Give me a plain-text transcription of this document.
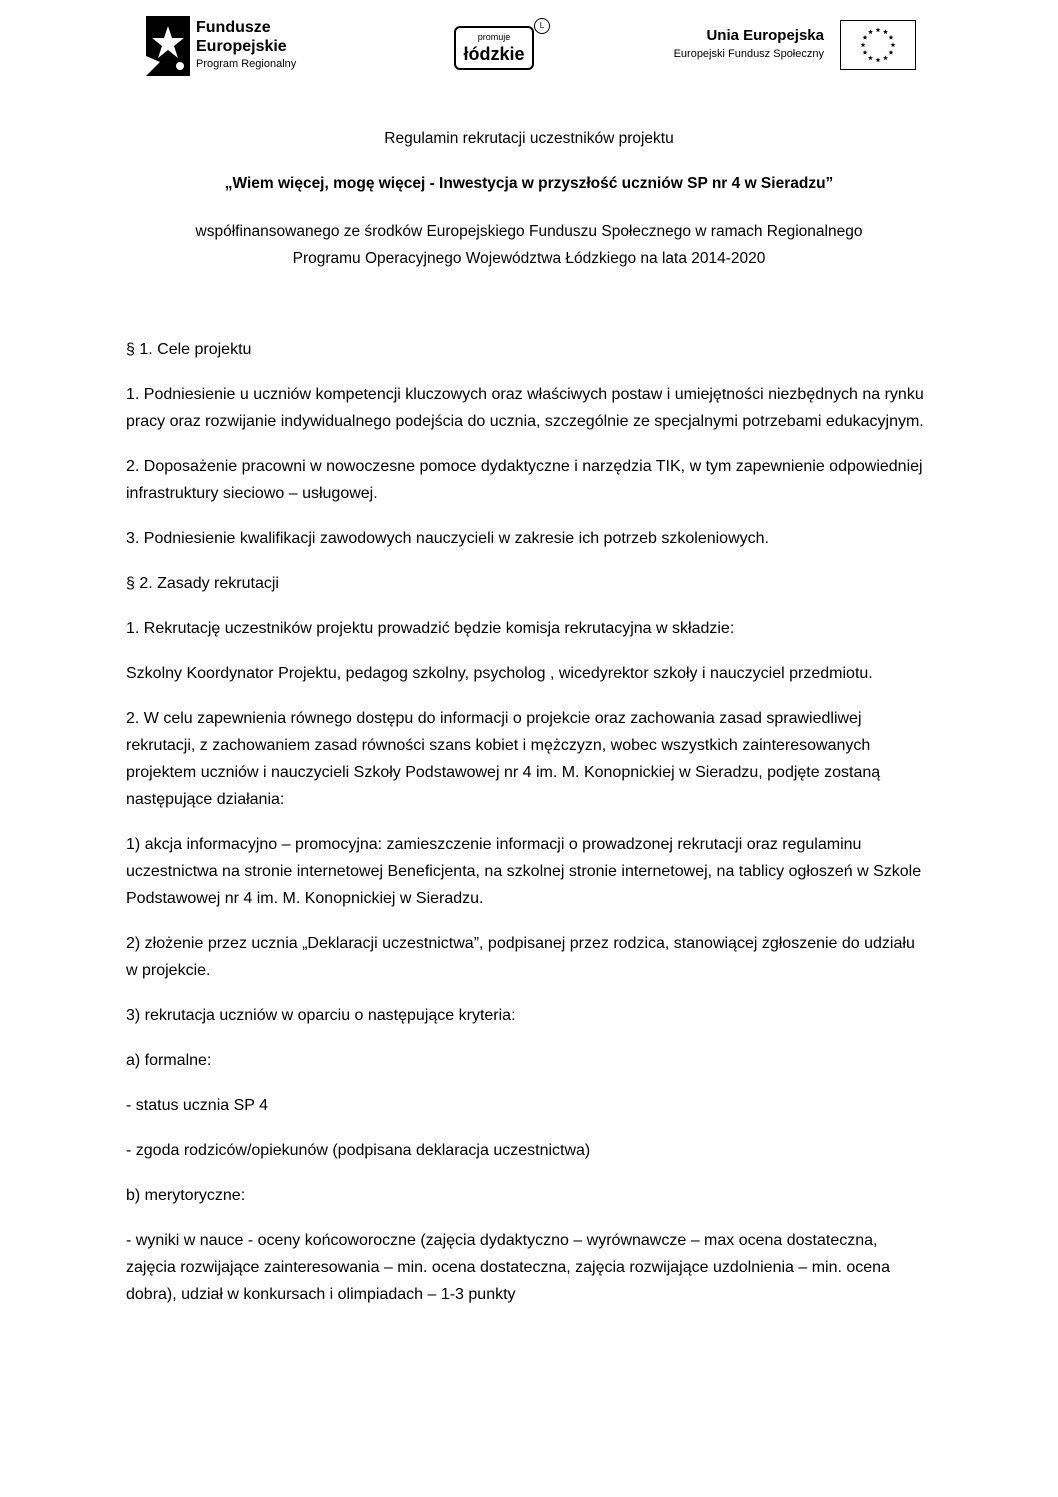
Fundusze
Europejskie
Program Regionalny
promuje
łódzkie
L
Unia Europejska
Europejski Fundusz Społeczny
Regulamin rekrutacji uczestników projektu
„Wiem więcej, mogę więcej - Inwestycja w przyszłość uczniów SP nr 4 w Sieradzu”
współfinansowanego ze środków Europejskiego Funduszu Społecznego w ramach Regionalnego
Programu Operacyjnego Województwa Łódzkiego na lata 2014-2020

§ 1. Cele projektu

1. Podniesienie u uczniów kompetencji kluczowych oraz właściwych postaw i umiejętności niezbędnych na rynku pracy oraz rozwijanie indywidualnego podejścia do ucznia, szczególnie ze specjalnymi potrzebami edukacyjnym.

2. Doposażenie pracowni w nowoczesne pomoce dydaktyczne i narzędzia TIK, w tym zapewnienie odpowiedniej infrastruktury sieciowo – usługowej.

3. Podniesienie kwalifikacji zawodowych nauczycieli w zakresie ich potrzeb szkoleniowych.

§ 2. Zasady rekrutacji

1. Rekrutację uczestników projektu prowadzić będzie komisja rekrutacyjna w składzie:

Szkolny Koordynator Projektu, pedagog szkolny, psycholog , wicedyrektor szkoły i nauczyciel przedmiotu.

2. W celu zapewnienia równego dostępu do informacji o projekcie oraz zachowania zasad sprawiedliwej rekrutacji, z zachowaniem zasad równości szans kobiet i mężczyzn, wobec wszystkich zainteresowanych projektem uczniów i nauczycieli Szkoły Podstawowej nr 4 im. M. Konopnickiej w Sieradzu, podjęte zostaną następujące działania:

1) akcja informacyjno – promocyjna: zamieszczenie informacji o prowadzonej rekrutacji oraz regulaminu uczestnictwa na stronie internetowej Beneficjenta, na szkolnej stronie internetowej, na tablicy ogłoszeń w Szkole Podstawowej nr 4 im. M. Konopnickiej w Sieradzu.

2) złożenie przez ucznia „Deklaracji uczestnictwa”, podpisanej przez rodzica, stanowiącej zgłoszenie do udziału w projekcie.

3) rekrutacja uczniów w oparciu o następujące kryteria:

a) formalne:

- status ucznia SP 4

- zgoda rodziców/opiekunów (podpisana deklaracja uczestnictwa)

b) merytoryczne:

- wyniki w nauce - oceny końcoworoczne (zajęcia dydaktyczno – wyrównawcze – max ocena dostateczna, zajęcia rozwijające zainteresowania – min. ocena dostateczna, zajęcia rozwijające uzdolnienia – min. ocena dobra), udział w konkursach i olimpiadach – 1-3 punkty
